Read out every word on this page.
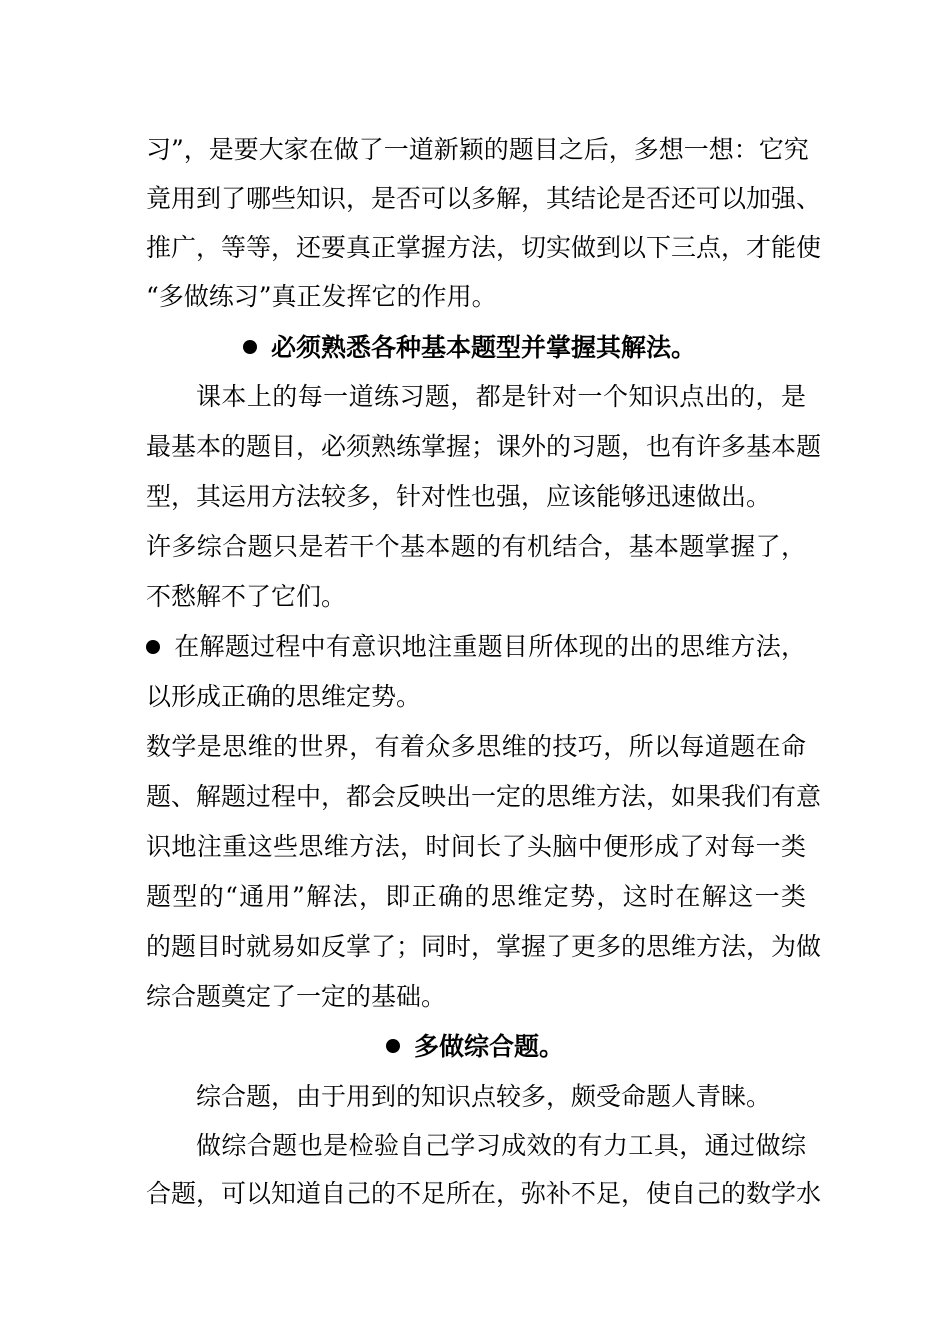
习”，是要大家在做了一道新颖的题目之后，多想一想：它究
竟用到了哪些知识，是否可以多解，其结论是否还可以加强、
推广，等等，还要真正掌握方法，切实做到以下三点，才能使
“多做练习”真正发挥它的作用。
必须熟悉各种基本题型并掌握其解法。
课本上的每一道练习题，都是针对一个知识点出的，是
最基本的题目，必须熟练掌握；课外的习题，也有许多基本题
型，其运用方法较多，针对性也强，应该能够迅速做出。
许多综合题只是若干个基本题的有机结合，基本题掌握了，
不愁解不了它们。
在解题过程中有意识地注重题目所体现的出的思维方法，
以形成正确的思维定势。
数学是思维的世界，有着众多思维的技巧，所以每道题在命
题、解题过程中，都会反映出一定的思维方法，如果我们有意
识地注重这些思维方法，时间长了头脑中便形成了对每一类
题型的“通用”解法，即正确的思维定势，这时在解这一类
的题目时就易如反掌了；同时，掌握了更多的思维方法，为做
综合题奠定了一定的基础。
多做综合题。
综合题，由于用到的知识点较多，颇受命题人青睐。
做综合题也是检验自己学习成效的有力工具，通过做综
合题，可以知道自己的不足所在，弥补不足，使自己的数学水
